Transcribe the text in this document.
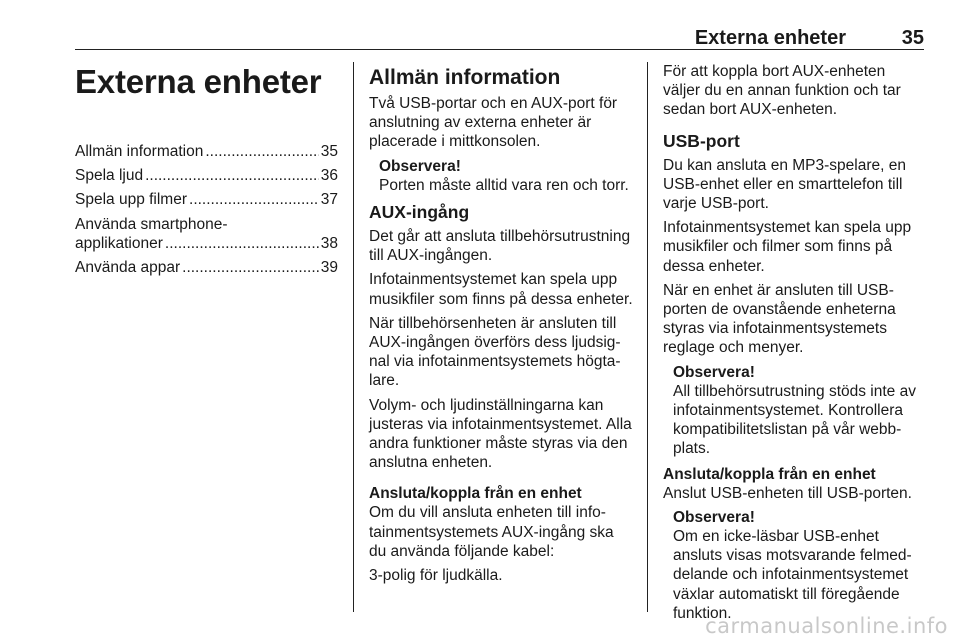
Externa enheter	35
Externa enheter
Allmän information .....	35
Spela ljud .....	36
Spela upp filmer .....	37
Använda smartphone-
applikationer .....	38
Använda appar .....	39
Allmän information

Två USB-portar och en AUX-port för anslutning av externa enheter är placerade i mittkonsolen.

Observera!
Porten måste alltid vara ren och torr.
AUX-ingång

Det går att ansluta tillbehörsutrustning till AUX-ingången.

Infotainmentsystemet kan spela upp musikfiler som finns på dessa enheter.

När tillbehörsenheten är ansluten till AUX-ingången överförs dess ljudsignal via infotainmentsystemets högtalare.

Volym- och ljudinställningarna kan justeras via infotainmentsystemet. Alla andra funktioner måste styras via den anslutna enheten.

Ansluta/koppla från en enhet

Om du vill ansluta enheten till infotainmentsystemets AUX-ingång ska du använda följande kabel:

3-polig för ljudkälla.

För att koppla bort AUX-enheten väljer du en annan funktion och tar sedan bort AUX-enheten.

USB-port

Du kan ansluta en MP3-spelare, en USB-enhet eller en smarttelefon till varje USB-port.

Infotainmentsystemet kan spela upp musikfiler och filmer som finns på dessa enheter.

När en enhet är ansluten till USB-porten de ovanstående enheterna styras via infotainmentsystemets reglage och menyer.

Observera!
All tillbehörsutrustning stöds inte av infotainmentsystemet. Kontrollera kompatibilitetslistan på vår webbplats.
Ansluta/koppla från en enhet

Anslut USB-enheten till USB-porten.

Observera!
Om en icke-läsbar USB-enhet ansluts visas motsvarande felmeddelande och infotainmentsystemet växlar automatiskt till föregående funktion.
carmanualsonline.info
